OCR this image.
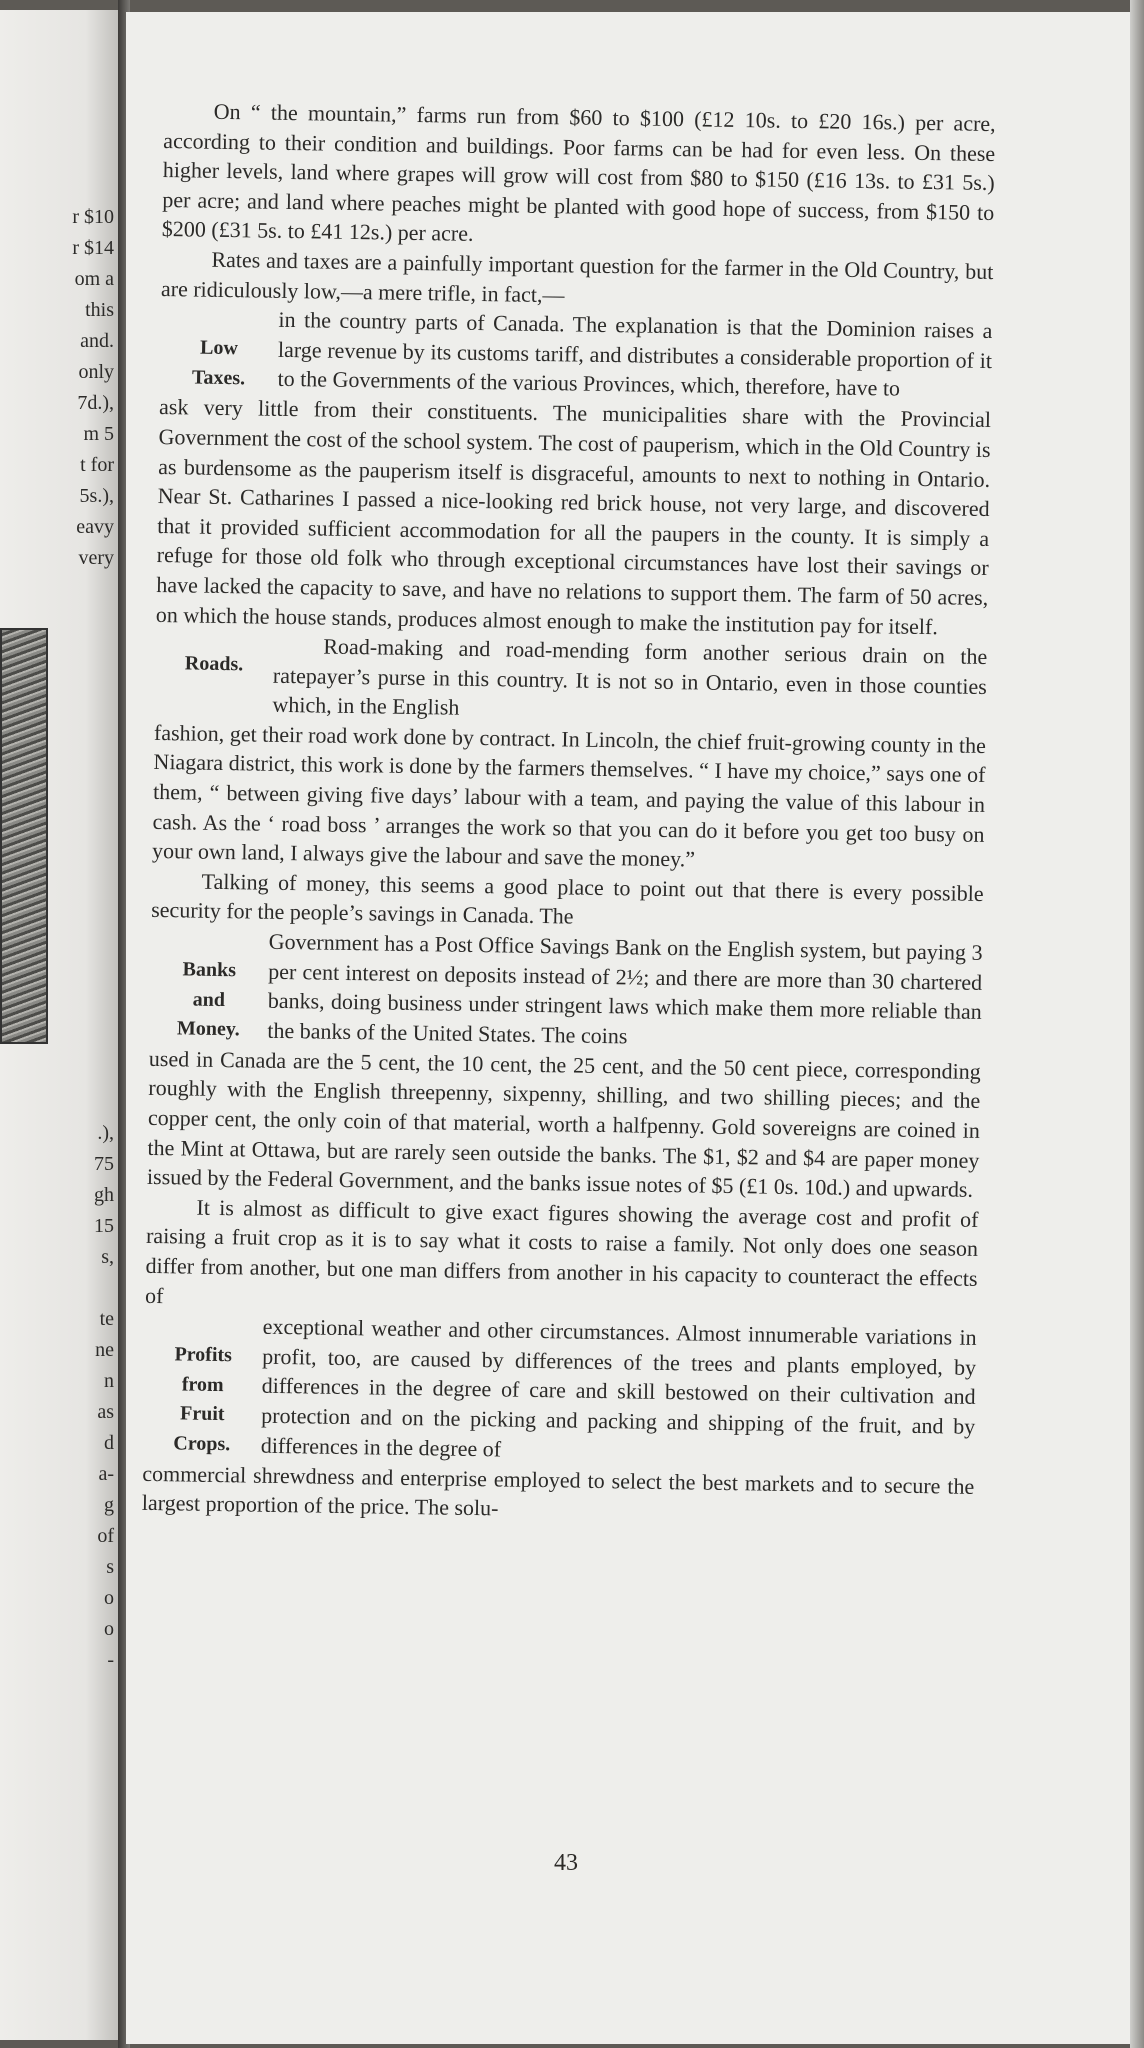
r $10
r $14
om a
this
and.
only
7d.),
m 5
t for
5s.),
eavy
very
.),
75
gh
15
s,

te
ne
n
as
d
a-
g
of
s
o
o
-

On “ the mountain,” farms run from $60 to $100 (£12 10s. to £20 16s.) per acre, according to their condition and buildings. Poor farms can be had for even less. On these higher levels, land where grapes will grow will cost from $80 to $150 (£16 13s. to £31 5s.) per acre; and land where peaches might be planted with good hope of success, from $150 to $200 (£31 5s. to £41 12s.) per acre.

Rates and taxes are a painfully important question for the farmer in the Old Country, but are ridiculously low,—a mere trifle, in fact,—

Low
Taxes.

in the country parts of Canada. The explanation is that the Dominion raises a large revenue by its customs tariff, and distributes a considerable proportion of it to the Governments of the various Provinces, which, therefore, have to

ask very little from their constituents. The municipalities share with the Provincial Government the cost of the school system. The cost of pauperism, which in the Old Country is as burdensome as the pauperism itself is disgraceful, amounts to next to nothing in Ontario. Near St. Catharines I passed a nice-looking red brick house, not very large, and discovered that it provided sufficient accommodation for all the paupers in the county. It is simply a refuge for those old folk who through exceptional circumstances have lost their savings or have lacked the capacity to save, and have no relations to support them. The farm of 50 acres, on which the house stands, produces almost enough to make the institution pay for itself.

Roads.	Road-making and road-mending form another serious drain on the ratepayer’s purse in this country. It is not so in Ontario, even in those counties which, in the English

fashion, get their road work done by contract. In Lincoln, the chief fruit-growing county in the Niagara district, this work is done by the farmers themselves. “ I have my choice,” says one of them, “ between giving five days’ labour with a team, and paying the value of this labour in cash. As the ‘ road boss ’ arranges the work so that you can do it before you get too busy on your own land, I always give the labour and save the money.”

Talking of money, this seems a good place to point out that there is every possible security for the people’s savings in Canada. The

Banks
and
Money.

Government has a Post Office Savings Bank on the English system, but paying 3 per cent interest on deposits instead of 2½; and there are more than 30 chartered banks, doing business under stringent laws which make them more reliable than the banks of the United States. The coins

used in Canada are the 5 cent, the 10 cent, the 25 cent, and the 50 cent piece, corresponding roughly with the English threepenny, sixpenny, shilling, and two shilling pieces; and the copper cent, the only coin of that material, worth a halfpenny. Gold sovereigns are coined in the Mint at Ottawa, but are rarely seen outside the banks. The $1, $2 and $4 are paper money issued by the Federal Government, and the banks issue notes of $5 (£1 0s. 10d.) and upwards.

It is almost as difficult to give exact figures showing the average cost and profit of raising a fruit crop as it is to say what it costs to raise a family. Not only does one season differ from another, but one man differs from another in his capacity to counteract the effects of

Profits
from
Fruit
Crops.

exceptional weather and other circumstances. Almost innumerable variations in profit, too, are caused by differences of the trees and plants employed, by differences in the degree of care and skill bestowed on their cultivation and protection and on the picking and packing and shipping of the fruit, and by differences in the degree of

commercial shrewdness and enterprise employed to select the best markets and to secure the largest proportion of the price. The solu-

43
